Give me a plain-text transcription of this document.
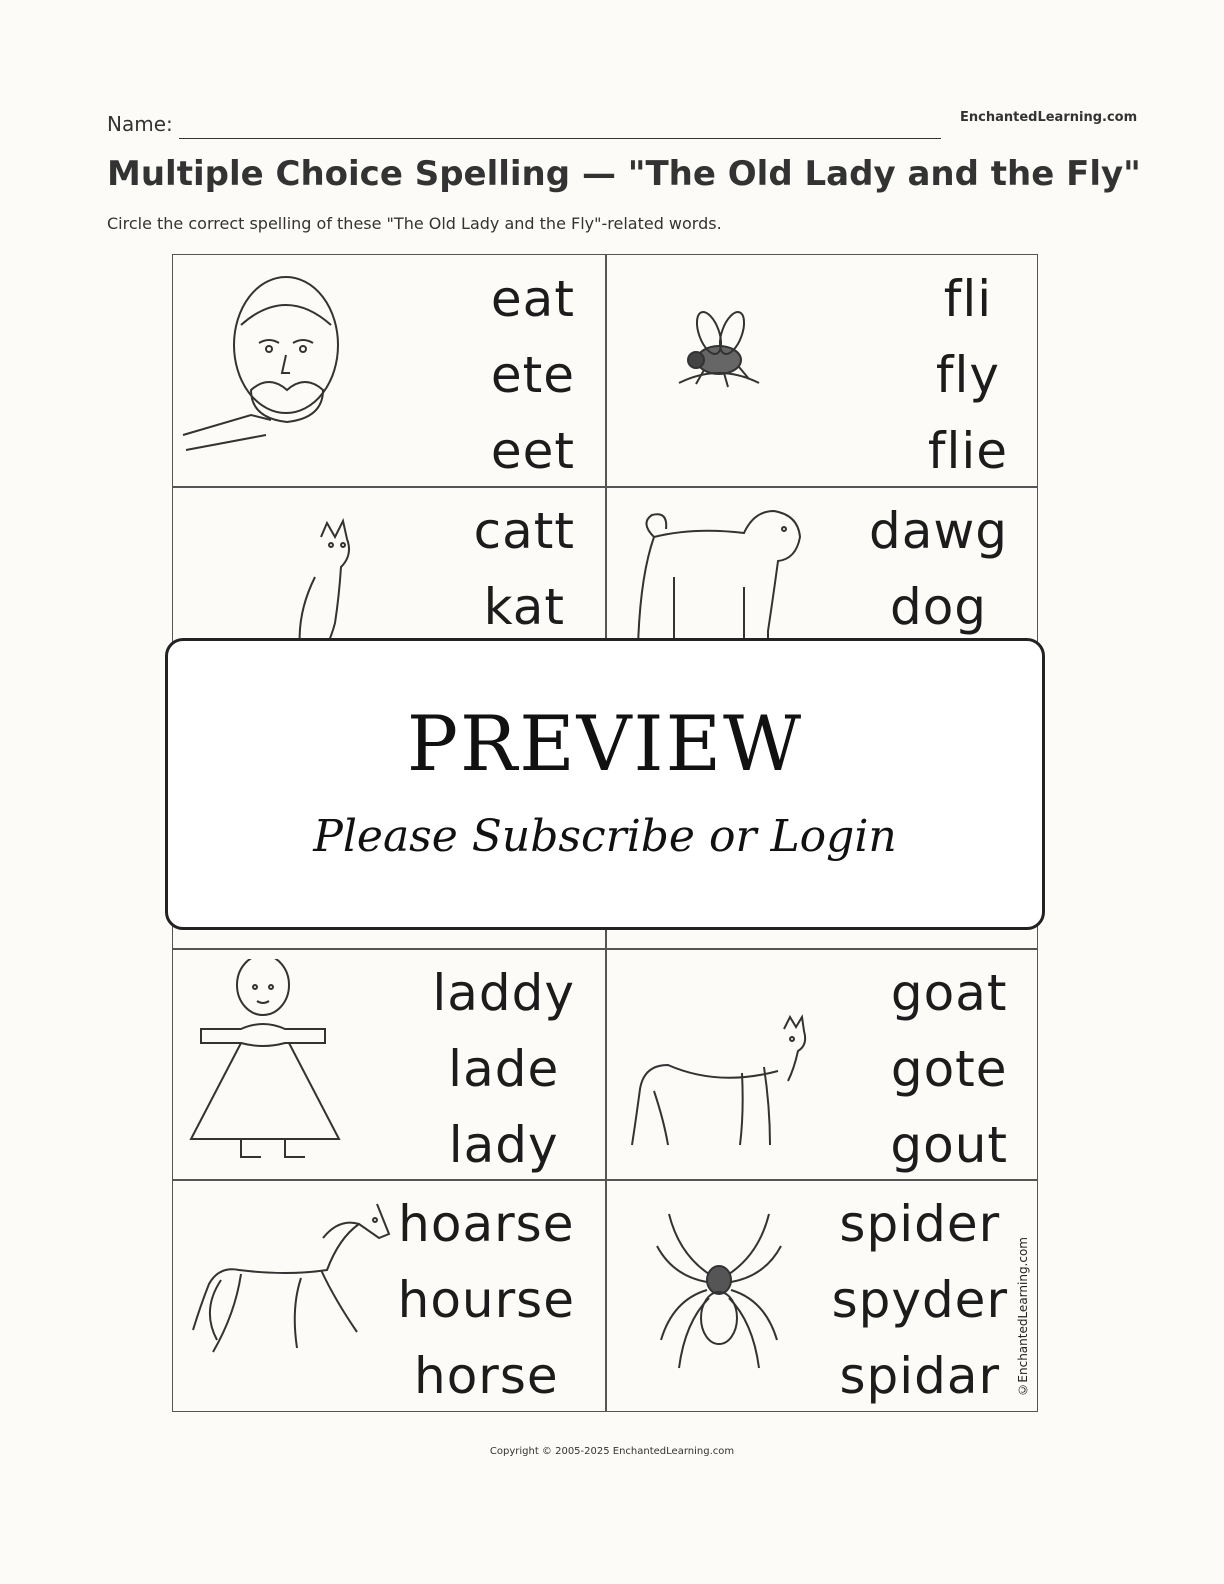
Name:	EnchantedLearning.com
Multiple Choice Spelling — "The Old Lady and the Fly"
Circle the correct spelling of these "The Old Lady and the Fly"-related words.
eat
ete
eet
fli
fly
flie
catt
kat
dawg
dog
laddy
lade
lady
goat
gote
gout
hoarse
hourse
horse
spider
spyder
spidar	©EnchantedLearning.com
PREVIEW
Please Subscribe or Login
Copyright © 2005-2025 EnchantedLearning.com
